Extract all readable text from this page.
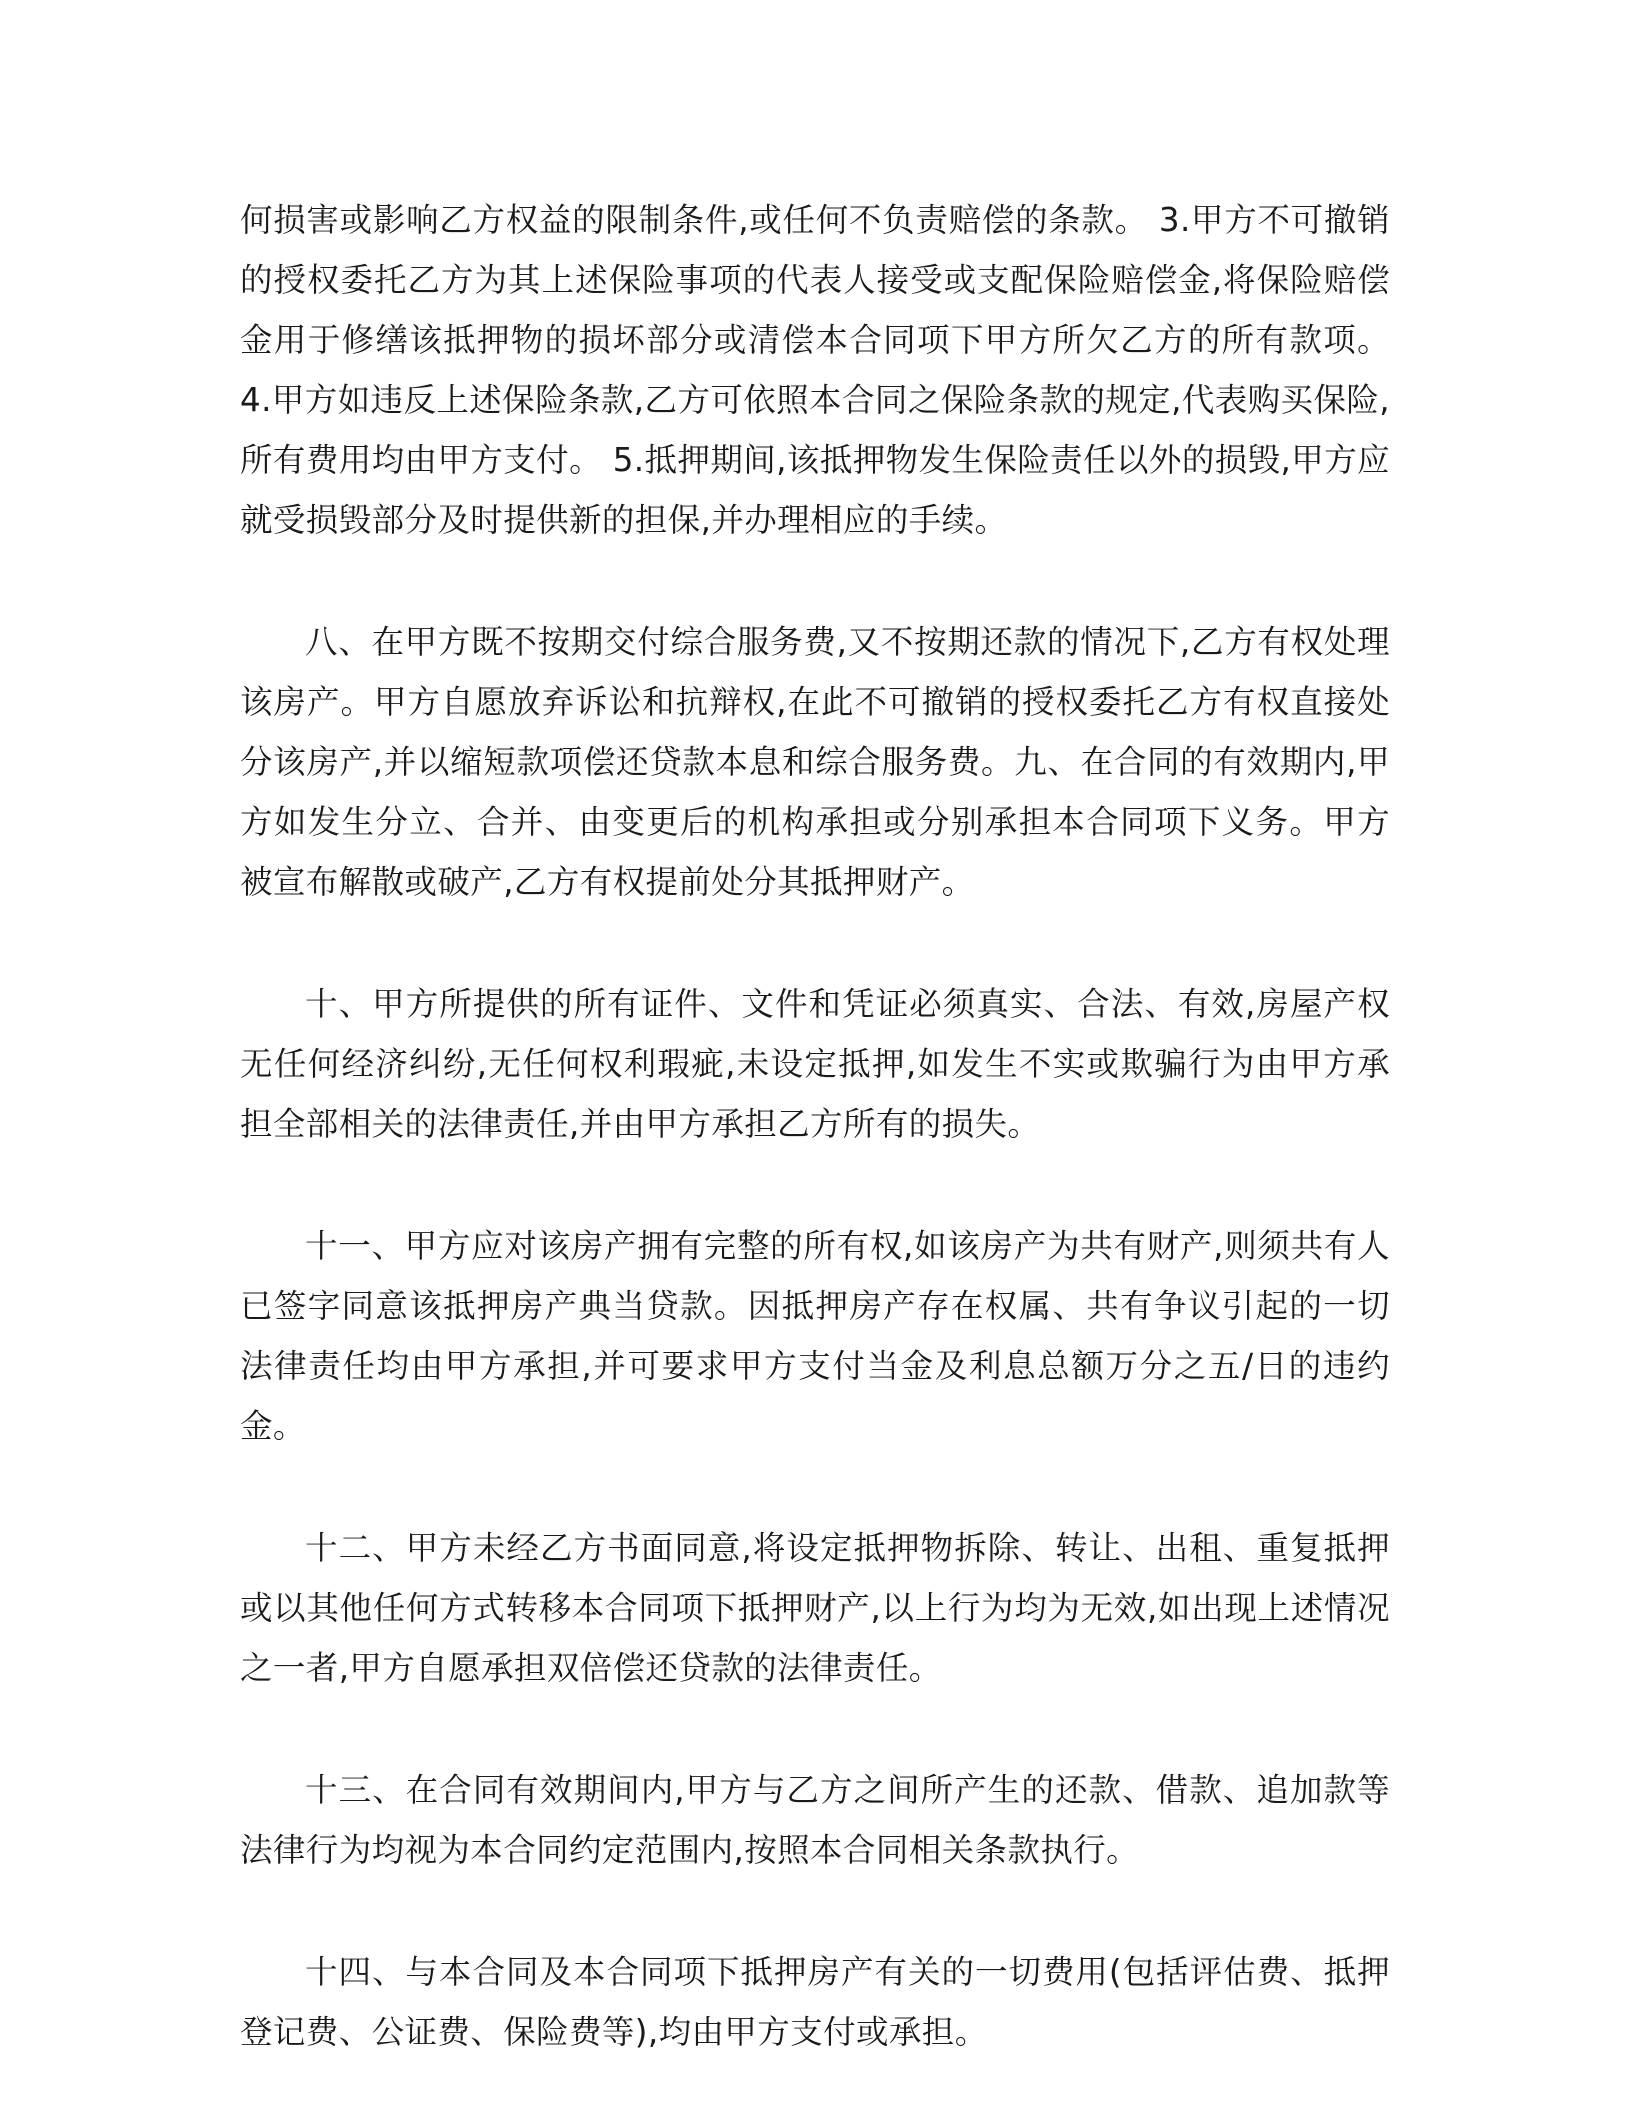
何损害或影响乙方权益的限制条件,或任何不负责赔偿的条款。 3.甲方不可撤销的授权委托乙方为其上述保险事项的代表人接受或支配保险赔偿金,将保险赔偿金用于修缮该抵押物的损坏部分或清偿本合同项下甲方所欠乙方的所有款项。 4.甲方如违反上述保险条款,乙方可依照本合同之保险条款的规定,代表购买保险,所有费用均由甲方支付。 5.抵押期间,该抵押物发生保险责任以外的损毁,甲方应就受损毁部分及时提供新的担保,并办理相应的手续。

八、在甲方既不按期交付综合服务费,又不按期还款的情况下,乙方有权处理该房产。甲方自愿放弃诉讼和抗辩权,在此不可撤销的授权委托乙方有权直接处分该房产,并以缩短款项偿还贷款本息和综合服务费。九、在合同的有效期内,甲方如发生分立、合并、由变更后的机构承担或分别承担本合同项下义务。甲方被宣布解散或破产,乙方有权提前处分其抵押财产。

十、甲方所提供的所有证件、文件和凭证必须真实、合法、有效,房屋产权无任何经济纠纷,无任何权利瑕疵,未设定抵押,如发生不实或欺骗行为由甲方承担全部相关的法律责任,并由甲方承担乙方所有的损失。

十一、甲方应对该房产拥有完整的所有权,如该房产为共有财产,则须共有人已签字同意该抵押房产典当贷款。因抵押房产存在权属、共有争议引起的一切法律责任均由甲方承担,并可要求甲方支付当金及利息总额万分之五/日的违约金。

十二、甲方未经乙方书面同意,将设定抵押物拆除、转让、出租、重复抵押或以其他任何方式转移本合同项下抵押财产,以上行为均为无效,如出现上述情况之一者,甲方自愿承担双倍偿还贷款的法律责任。

十三、在合同有效期间内,甲方与乙方之间所产生的还款、借款、追加款等法律行为均视为本合同约定范围内,按照本合同相关条款执行。

十四、与本合同及本合同项下抵押房产有关的一切费用(包括评估费、抵押登记费、公证费、保险费等),均由甲方支付或承担。
